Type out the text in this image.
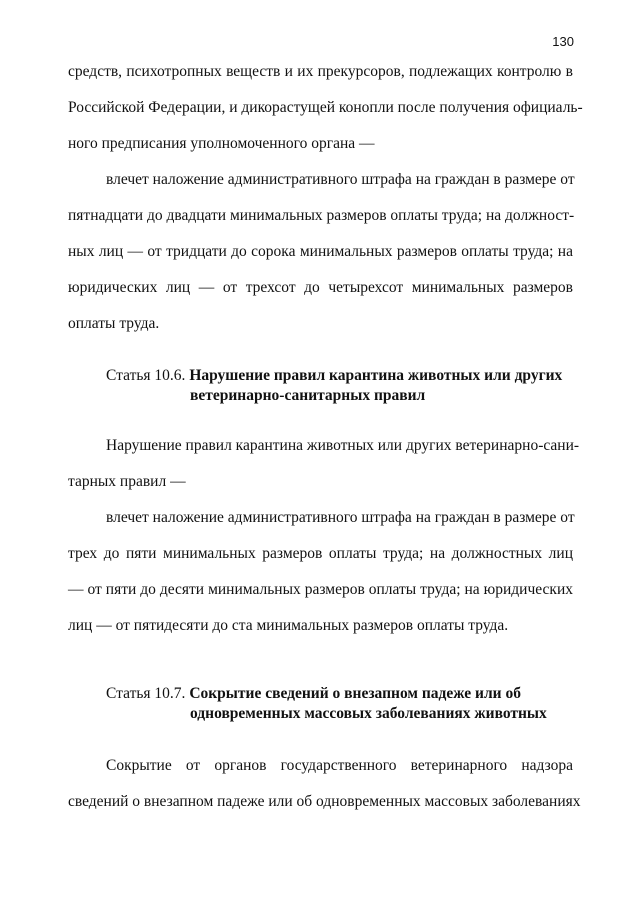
130
средств, психотропных веществ и их прекурсоров, подлежащих контролю в
Российской Федерации, и дикорастущей конопли после получения официаль-
ного предписания уполномоченного органа —
влечет наложение административного штрафа на граждан в размере от
пятнадцати до двадцати минимальных размеров оплаты труда; на должност-
ных лиц — от тридцати до сорока минимальных размеров оплаты труда; на
юридических лиц — от трехсот до четырехсот минимальных размеров
оплаты труда.
Статья 10.6. Нарушение правил карантина животных или других
ветеринарно-санитарных правил
Нарушение правил карантина животных или других ветеринарно-сани-
тарных правил —
влечет наложение административного штрафа на граждан в размере от
трех до пяти минимальных размеров оплаты труда; на должностных лиц
— от пяти до десяти минимальных размеров оплаты труда; на юридических
лиц — от пятидесяти до ста минимальных размеров оплаты труда.
Статья 10.7. Сокрытие сведений о внезапном падеже или об
одновременных массовых заболеваниях животных
Сокрытие от органов государственного ветеринарного надзора
сведений о внезапном падеже или об одновременных массовых заболеваниях
